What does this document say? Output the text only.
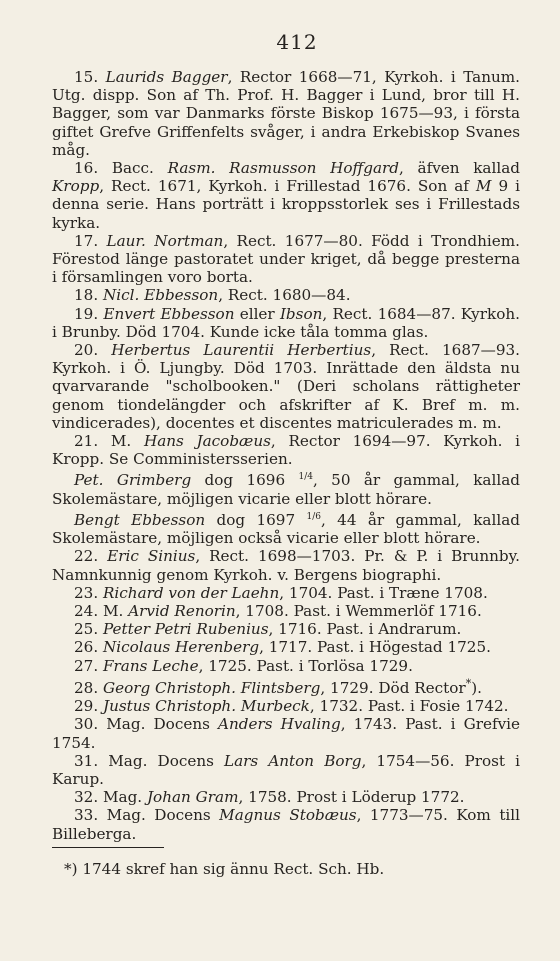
412

15. Laurids Bagger, Rector 1668—71, Kyrkoh. i Tanum. Utg. dispp. Son af Th. Prof. H. Bagger i Lund, bror till H. Bagger, som var Danmarks förste Biskop 1675—93, i första giftet Grefve Griffenfelts svåger, i andra Erkebiskop Svanes måg.

16. Bacc. Rasm. Rasmusson Hoffgard, äfven kallad Kropp, Rect. 1671, Kyrkoh. i Frillestad 1676. Son af M 9 i denna serie. Hans porträtt i kroppsstorlek ses i Frillestads kyrka.

17. Laur. Nortman, Rect. 1677—80. Född i Trondhiem. Förestod länge pastoratet under kriget, då begge presterna i församlingen voro borta.

18. Nicl. Ebbesson, Rect. 1680—84.

19. Envert Ebbesson eller Ibson, Rect. 1684—87. Kyrkoh. i Brunby. Död 1704. Kunde icke tåla tomma glas.

20. Herbertus Laurentii Herbertius, Rect. 1687—93. Kyrkoh. i Ö. Ljungby. Död 1703. Inrättade den äldsta nu qvarvarande "scholbooken." (Deri scholans rättigheter genom tiondelängder och afskrifter af K. Bref m. m. vindicerades), docentes et discentes matriculerades m. m.

21. M. Hans Jacobæus, Rector 1694—97. Kyrkoh. i Kropp. Se Comministersserien.

Pet. Grimberg dog 1696 $^{1/4}$, 50 år gammal, kallad Skolemästare, möjligen vicarie eller blott hörare.

Bengt Ebbesson dog 1697 $^{1/6}$, 44 år gammal, kallad Skolemästare, möjligen också vicarie eller blott hörare.

22. Eric Sinius, Rect. 1698—1703. Pr. & P. i Brunnby. Namnkunnig genom Kyrkoh. v. Bergens biographi.

23. Richard von der Laehn, 1704. Past. i Træne 1708.

24. M. Arvid Renorin, 1708. Past. i Wemmerlöf 1716.

25. Petter Petri Rubenius, 1716. Past. i Andrarum.

26. Nicolaus Herenberg, 1717. Past. i Högestad 1725.

27. Frans Leche, 1725. Past. i Torlösa 1729.

28. Georg Christoph. Flintsberg, 1729. Död Rector*).

29. Justus Christoph. Murbeck, 1732. Past. i Fosie 1742.

30. Mag. Docens Anders Hvaling, 1743. Past. i Grefvie 1754.

31. Mag. Docens Lars Anton Borg, 1754—56. Prost i Karup.

32. Mag. Johan Gram, 1758. Prost i Löderup 1772.

33. Mag. Docens Magnus Stobæus, 1773—75. Kom till Billeberga.

*) 1744 skref han sig ännu Rect. Sch. Hb.
